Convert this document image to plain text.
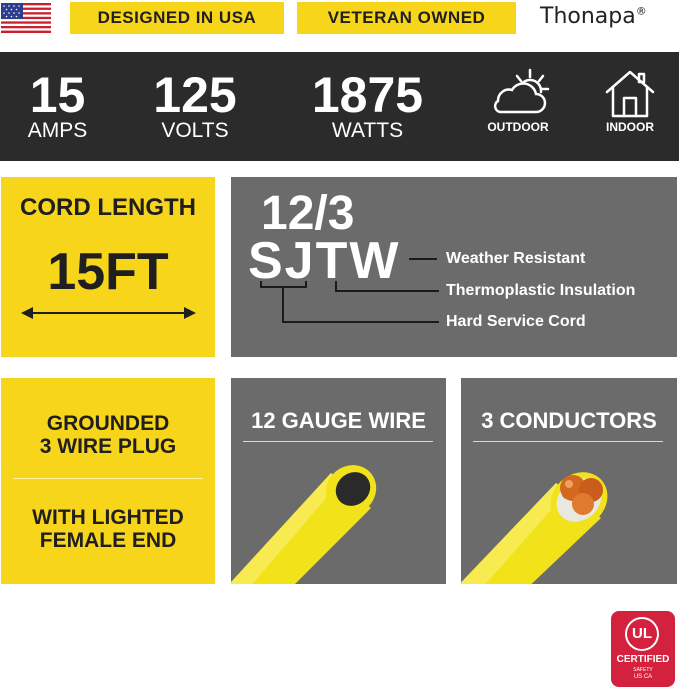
DESIGNED IN USA	VETERAN OWNED	Thonapa®
15
AMPS
125
VOLTS
1875
WATTS	OUTDOOR	INDOOR
CORD LENGTH
15FT
12/3
SJTW	Weather Resistant
Thermoplastic Insulation
Hard Service Cord
GROUNDED
3 WIRE PLUG
WITH LIGHTED
FEMALE END
12 GAUGE WIRE	3 CONDUCTORS
UL
CERTIFIED
SAFETY
US CA
